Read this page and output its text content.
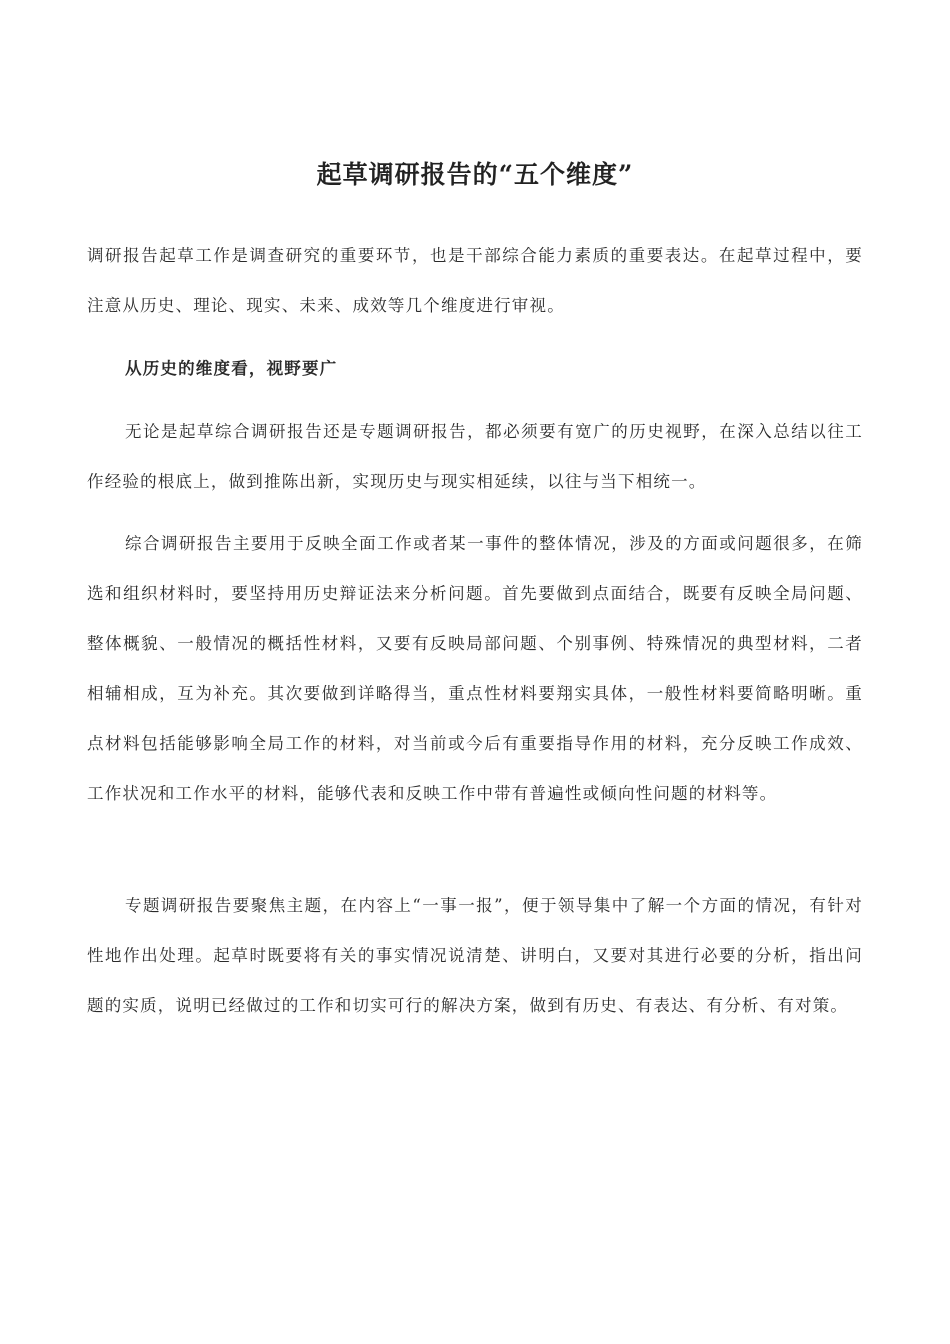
起草调研报告的“五个维度”
调研报告起草工作是调查研究的重要环节，也是干部综合能力素质的重要表达。在起草过程中，要注意从历史、理论、现实、未来、成效等几个维度进行审视。
从历史的维度看，视野要广
无论是起草综合调研报告还是专题调研报告，都必须要有宽广的历史视野，在深入总结以往工作经验的根底上，做到推陈出新，实现历史与现实相延续，以往与当下相统一。
综合调研报告主要用于反映全面工作或者某一事件的整体情况，涉及的方面或问题很多，在筛选和组织材料时，要坚持用历史辩证法来分析问题。首先要做到点面结合，既要有反映全局问题、整体概貌、一般情况的概括性材料，又要有反映局部问题、个别事例、特殊情况的典型材料，二者相辅相成，互为补充。其次要做到详略得当，重点性材料要翔实具体，一般性材料要简略明晰。重点材料包括能够影响全局工作的材料，对当前或今后有重要指导作用的材料，充分反映工作成效、工作状况和工作水平的材料，能够代表和反映工作中带有普遍性或倾向性问题的材料等。
专题调研报告要聚焦主题，在内容上“一事一报”，便于领导集中了解一个方面的情况，有针对性地作出处理。起草时既要将有关的事实情况说清楚、讲明白，又要对其进行必要的分析，指出问题的实质，说明已经做过的工作和切实可行的解决方案，做到有历史、有表达、有分析、有对策。
